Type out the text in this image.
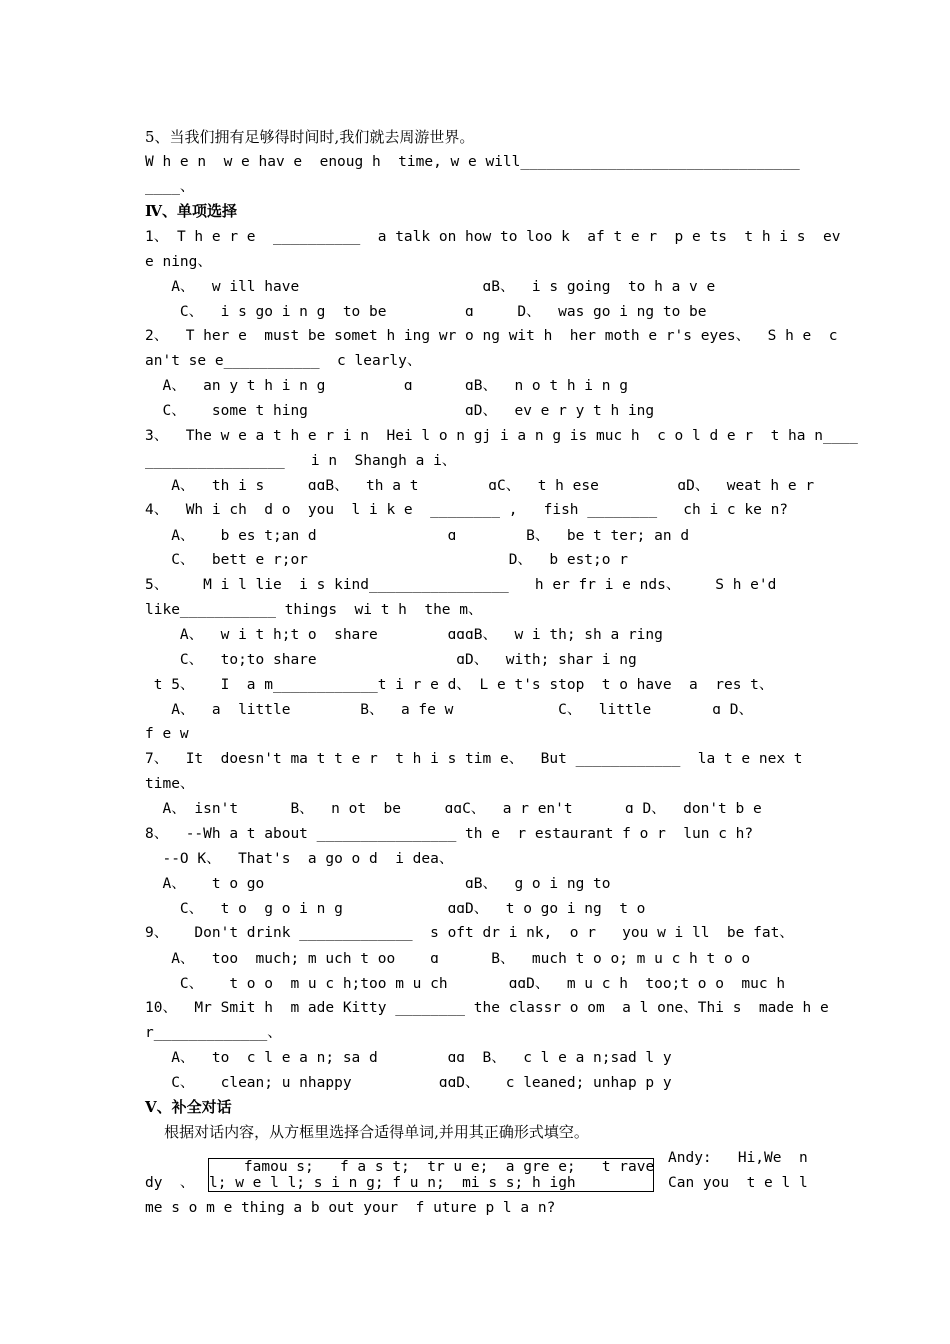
5、当我们拥有足够得时间时,我们就去周游世界。
W h e n  w e hav e  enoug h  time, w e will________________________________
____、
Ⅳ、单项选择
1、 T h e r e  __________  a talk on how to loo k  af t e r  p e ts  t h i s  ev
e ning、
A、  w ill have                     ɑB、  i s going  to h a v e
C、  i s go i n g  to be         ɑ     D、  was go i ng to be
2、  T her e  must be somet h ing wr o ng wit h  her moth e r's eyes、  S h e  c
an't se e___________  c learly、
A、  an y t h i n g         ɑ      ɑB、  n o t h i n g
C、   some t hing                  ɑD、  ev e r y t h ing
3、  The w e a t h e r i n  Hei l o n gj i a n g is muc h  c o l d e r  t ha n____
________________   i n  Shangh a i、
A、  th i s     ɑɑB、  th a t        ɑC、  t h ese         ɑD、  weat h e r
4、  Wh i ch  d o  you  l i k e  ________ ,   fish ________   ch i c ke n?
A、   b es t;an d               ɑ        B、  be t ter; an d
C、  bett e r;or                       D、  b est;o r
5、    M i l lie  i s kind________________   h er fr i e nds、    S h e'd
like___________ things  wi t h  the m、
A、  w i t h;t o  share        ɑɑɑB、  w i th; sh a ring
C、  to;to share                ɑD、  with; shar i ng
t 5、   I  a m____________t i r e d、 L e t's stop  t o have  a  res t、
A、  a  little        B、  a fe w            C、  little       ɑ D、
f e w
7、  It  doesn't ma t t e r  t h i s tim e、  But ____________  la t e nex t
time、
A、 isn't      B、  n ot  be     ɑɑC、  a r en't      ɑ D、  don't b e
8、  --Wh a t about ________________ th e  r estaurant f o r  lun c h?
--O K、  That's  a go o d  i dea、
A、   t o go                       ɑB、  g o i ng to
C、  t o  g o i n g            ɑɑD、  t o go i ng  t o
9、   Don't drink _____________  s oft dr i nk,  o r   you w i ll  be fat、
A、  too  much; m uch t oo    ɑ      B、  much t o o; m u c h t o o
C、   t o o  m u c h;too m u ch       ɑɑD、  m u c h  too;t o o  muc h
10、  Mr Smit h  m ade Kitty ________ the classr o om  a l one、Thi s  made h e
r_____________、
A、  to  c l e a n; sa d        ɑɑ  B、  c l e a n;sad l y
C、   clean; u nhappy          ɑɑD、   c leaned; unhap p y
Ⅴ、补全对话
根据对话内容，从方框里选择合适得单词,并用其正确形式填空。
famou s;   f a s t;  tr u e;  a gre e;   t rave
l; w e l l; s i n g; f u n;  mi s s; h igh
Andy:   Hi,We  n
Can you  t e l l
dy  、
me s o m e thing a b out your  f uture p l a n?
